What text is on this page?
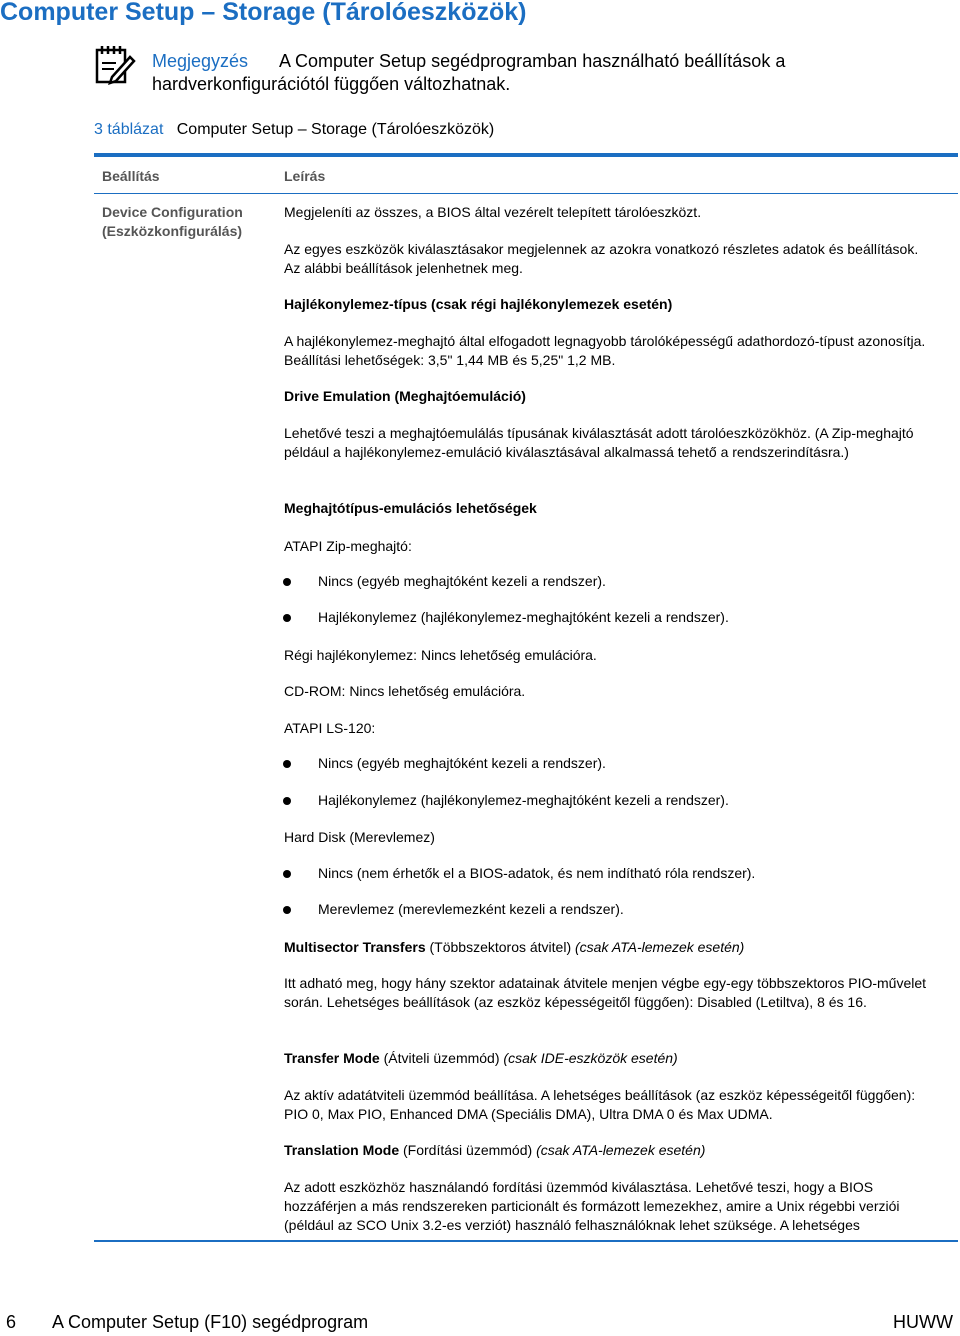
Computer Setup – Storage (Tárolóeszközök)
Megjegyzés A Computer Setup segédprogramban használható beállítások a
hardverkonfigurációtól függően változhatnak.
3 táblázat Computer Setup – Storage (Tárolóeszközök)
Beállítás	Leírás
Device Configuration
(Eszközkonfigurálás)
Megjeleníti az összes, a BIOS által vezérelt telepített tárolóeszközt.
Az egyes eszközök kiválasztásakor megjelennek az azokra vonatkozó részletes adatok és beállítások. Az alábbi beállítások jelenhetnek meg.
Hajlékonylemez-típus (csak régi hajlékonylemezek esetén)
A hajlékonylemez-meghajtó által elfogadott legnagyobb tárolóképességű adathordozó-típust azonosítja. Beállítási lehetőségek: 3,5" 1,44 MB és 5,25" 1,2 MB.
Drive Emulation (Meghajtóemuláció)
Lehetővé teszi a meghajtóemulálás típusának kiválasztását adott tárolóeszközökhöz. (A Zip-meghajtó például a hajlékonylemez-emuláció kiválasztásával alkalmassá tehető a rendszerindításra.)
Meghajtótípus-emulációs lehetőségek
ATAPI Zip-meghajtó:
Nincs (egyéb meghajtóként kezeli a rendszer).
Hajlékonylemez (hajlékonylemez-meghajtóként kezeli a rendszer).
Régi hajlékonylemez: Nincs lehetőség emulációra.
CD-ROM: Nincs lehetőség emulációra.
ATAPI LS-120:
Nincs (egyéb meghajtóként kezeli a rendszer).
Hajlékonylemez (hajlékonylemez-meghajtóként kezeli a rendszer).
Hard Disk (Merevlemez)
Nincs (nem érhetők el a BIOS-adatok, és nem indítható róla rendszer).
Merevlemez (merevlemezként kezeli a rendszer).
Multisector Transfers (Többszektoros átvitel) (csak ATA-lemezek esetén)
Itt adható meg, hogy hány szektor adatainak átvitele menjen végbe egy-egy többszektoros PIO-művelet során. Lehetséges beállítások (az eszköz képességeitől függően): Disabled (Letiltva), 8 és 16.
Transfer Mode (Átviteli üzemmód) (csak IDE-eszközök esetén)
Az aktív adatátviteli üzemmód beállítása. A lehetséges beállítások (az eszköz képességeitől függően): PIO 0, Max PIO, Enhanced DMA (Speciális DMA), Ultra DMA 0 és Max UDMA.
Translation Mode (Fordítási üzemmód) (csak ATA-lemezek esetén)
Az adott eszközhöz használandó fordítási üzemmód kiválasztása. Lehetővé teszi, hogy a BIOS hozzáférjen a más rendszereken particionált és formázott lemezekhez, amire a Unix régebbi verziói (például az SCO Unix 3.2-es verziót) használó felhasználóknak lehet szüksége. A lehetséges
6 A Computer Setup (F10) segédprogram	HUWW
